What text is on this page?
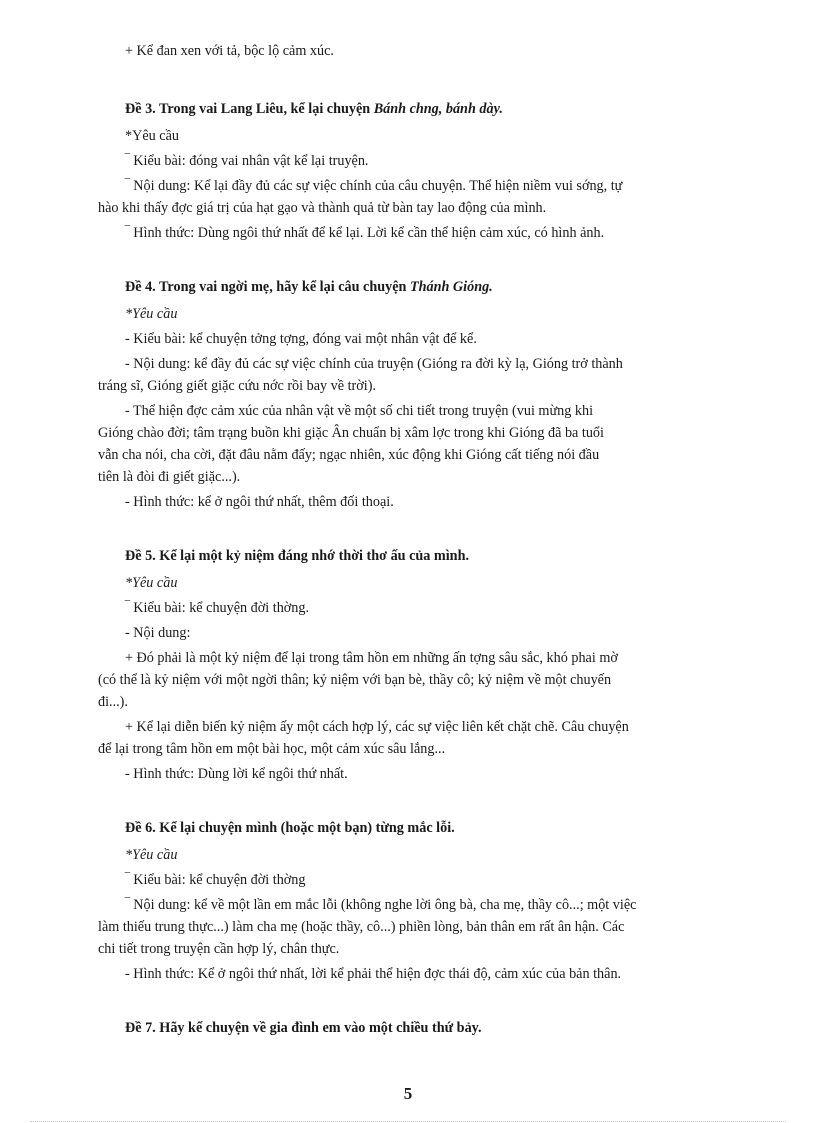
+ Kể đan xen với tả, bộc lộ cảm xúc.

Đề 3. Trong vai Lang Liêu, kể lại chuyện Bánh chng, bánh dày.

*Yêu cầu

‾ Kiểu bài: đóng vai nhân vật kể lại truyện.

‾ Nội dung: Kể lại đầy đủ các sự việc chính của câu chuyện. Thể hiện niềm vui sớng, tự

hào khi thấy đợc giá trị của hạt gạo và thành quả từ bàn tay lao động của mình.

‾ Hình thức: Dùng ngôi thứ nhất để kể lại. Lời kể cần thể hiện cảm xúc, có hình ảnh.

Đề 4. Trong vai ngời mẹ, hãy kể lại câu chuyện Thánh Gióng.

*Yêu cầu

- Kiểu bài: kể chuyện tởng tợng, đóng vai một nhân vật để kể.

- Nội dung: kể đầy đủ các sự việc chính của truyện (Gióng ra đời kỳ lạ, Gióng trở thành

tráng sĩ, Gióng giết giặc cứu nớc rồi bay về trời).

- Thể hiện đợc cảm xúc của nhân vật về một số chi tiết trong truyện (vui mừng khi

Gióng chào đời; tâm trạng buồn khi giặc Ân chuẩn bị xâm lợc trong khi Gióng đã ba tuổi

vẫn cha nói, cha cời, đặt đâu nằm đấy; ngạc nhiên, xúc động khi Gióng cất tiếng nói đầu

tiên là đòi đi giết giặc...).

- Hình thức: kể ở ngôi thứ nhất, thêm đối thoại.

Đề 5. Kể lại một kỷ niệm đáng nhớ thời thơ ấu của mình.

*Yêu cầu

‾ Kiểu bài: kể chuyện đời thờng.

- Nội dung:

+ Đó phải là một kỷ niệm để lại trong tâm hồn em những ấn tợng sâu sắc, khó phai mờ

(có thể là kỷ niệm với một ngời thân; kỷ niệm với bạn bè, thầy cô; kỷ niệm về một chuyến

đi...).

+ Kể lại diễn biến kỷ niệm ấy một cách hợp lý, các sự việc liên kết chặt chẽ. Câu chuyện

để lại trong tâm hồn em một bài học, một cảm xúc sâu lắng...

- Hình thức: Dùng lời kể ngôi thứ nhất.

Đề 6. Kể lại chuyện mình (hoặc một bạn) từng mắc lỗi.

*Yêu cầu

‾ Kiểu bài: kể chuyện đời thờng

‾ Nội dung: kể về một lần em mắc lỗi (không nghe lời ông bà, cha mẹ, thầy cô...; một việc

làm thiếu trung thực...) làm cha mẹ (hoặc thầy, cô...) phiền lòng, bản thân em rất ân hận. Các

chi tiết trong truyện cần hợp lý, chân thực.

- Hình thức: Kể ở ngôi thứ nhất, lời kể phải thể hiện đợc thái độ, cảm xúc của bản thân.

Đề 7. Hãy kể chuyện về gia đình em vào một chiều thứ bảy.

5
